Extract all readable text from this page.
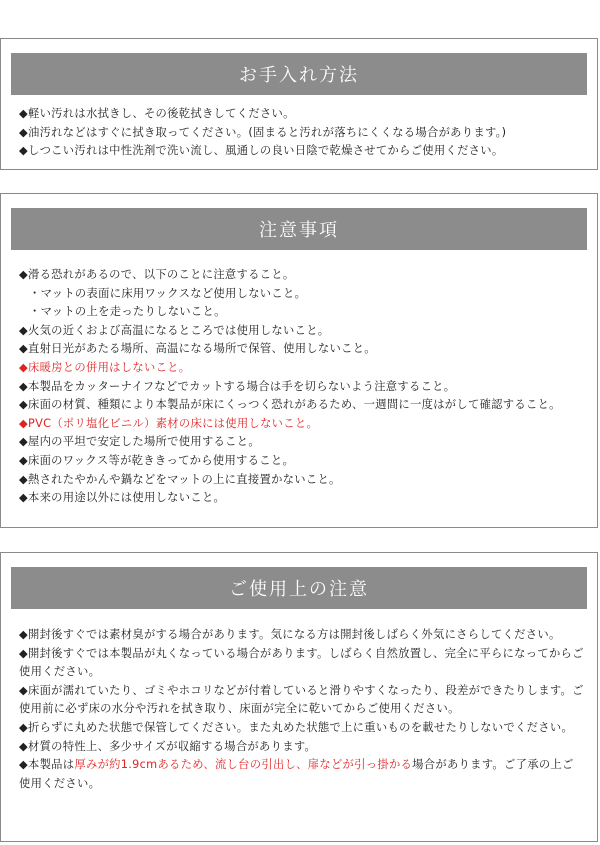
お手入れ方法
◆軽い汚れは水拭きし、その後乾拭きしてください。
◆油汚れなどはすぐに拭き取ってください。(固まると汚れが落ちにくくなる場合があります。)
◆しつこい汚れは中性洗剤で洗い流し、風通しの良い日陰で乾燥させてからご使用ください。
注意事項
◆滑る恐れがあるので、以下のことに注意すること。
・マットの表面に床用ワックスなど使用しないこと。
・マットの上を走ったりしないこと。
◆火気の近くおよび高温になるところでは使用しないこと。
◆直射日光があたる場所、高温になる場所で保管、使用しないこと。
◆床暖房との併用はしないこと。
◆本製品をカッターナイフなどでカットする場合は手を切らないよう注意すること。
◆床面の材質、種類により本製品が床にくっつく恐れがあるため、一週間に一度はがして確認すること。
◆PVC（ポリ塩化ビニル）素材の床には使用しないこと。
◆屋内の平坦で安定した場所で使用すること。
◆床面のワックス等が乾ききってから使用すること。
◆熱されたやかんや鍋などをマットの上に直接置かないこと。
◆本来の用途以外には使用しないこと。
ご使用上の注意
◆開封後すぐでは素材臭がする場合があります。気になる方は開封後しばらく外気にさらしてください。
◆開封後すぐでは本製品が丸くなっている場合があります。しばらく自然放置し、完全に平らになってからご使用ください。
◆床面が濡れていたり、ゴミやホコリなどが付着していると滑りやすくなったり、段差ができたりします。ご使用前に必ず床の水分や汚れを拭き取り、床面が完全に乾いてからご使用ください。
◆折らずに丸めた状態で保管してください。また丸めた状態で上に重いものを載せたりしないでください。
◆材質の特性上、多少サイズが収縮する場合があります。
◆本製品は厚みが約1.9cmあるため、流し台の引出し、扉などが引っ掛かる場合があります。ご了承の上ご使用ください。
